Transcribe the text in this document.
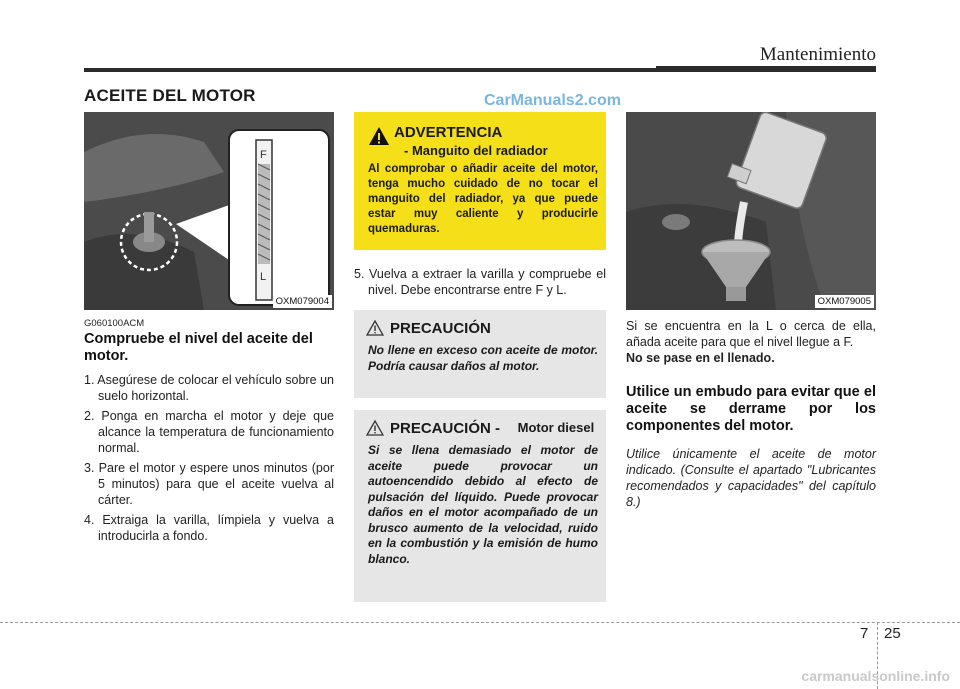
Mantenimiento
ACEITE DEL MOTOR	CarManuals2.com
F
L
OXM079004
G060100ACM
Compruebe el nivel del aceite del motor.
1. Asegúrese de colocar el vehículo sobre un suelo horizontal.
2. Ponga en marcha el motor y deje que alcance la temperatura de funcionamiento normal.
3. Pare el motor y espere unos minutos (por 5 minutos) para que el aceite vuelva al cárter.
4. Extraiga la varilla, límpiela y vuelva a introducirla a fondo.
ADVERTENCIA
- Manguito del radiador
Al comprobar o añadir aceite del motor, tenga mucho cuidado de no tocar el manguito del radiador, ya que puede estar muy caliente y producirle quemaduras.
5. Vuelva a extraer la varilla y compruebe el nivel. Debe encontrarse entre F y L.
PRECAUCIÓN
No llene en exceso con aceite de motor. Podría causar daños al motor.
PRECAUCIÓN - Motor diesel
Si se llena demasiado el motor de aceite puede provocar un autoencendido debido al efecto de pulsación del líquido. Puede provocar daños en el motor acompañado de un brusco aumento de la velocidad, ruido en la combustión y la emisión de humo blanco.
OXM079005
Si se encuentra en la L o cerca de ella, añada aceite para que el nivel llegue a F.
No se pase en el llenado.
Utilice un embudo para evitar que el aceite se derrame por los componentes del motor.
Utilice únicamente el aceite de motor indicado. (Consulte el apartado "Lubricantes recomendados y capacidades" del capítulo 8.)
7 25
carmanualsonline.info
